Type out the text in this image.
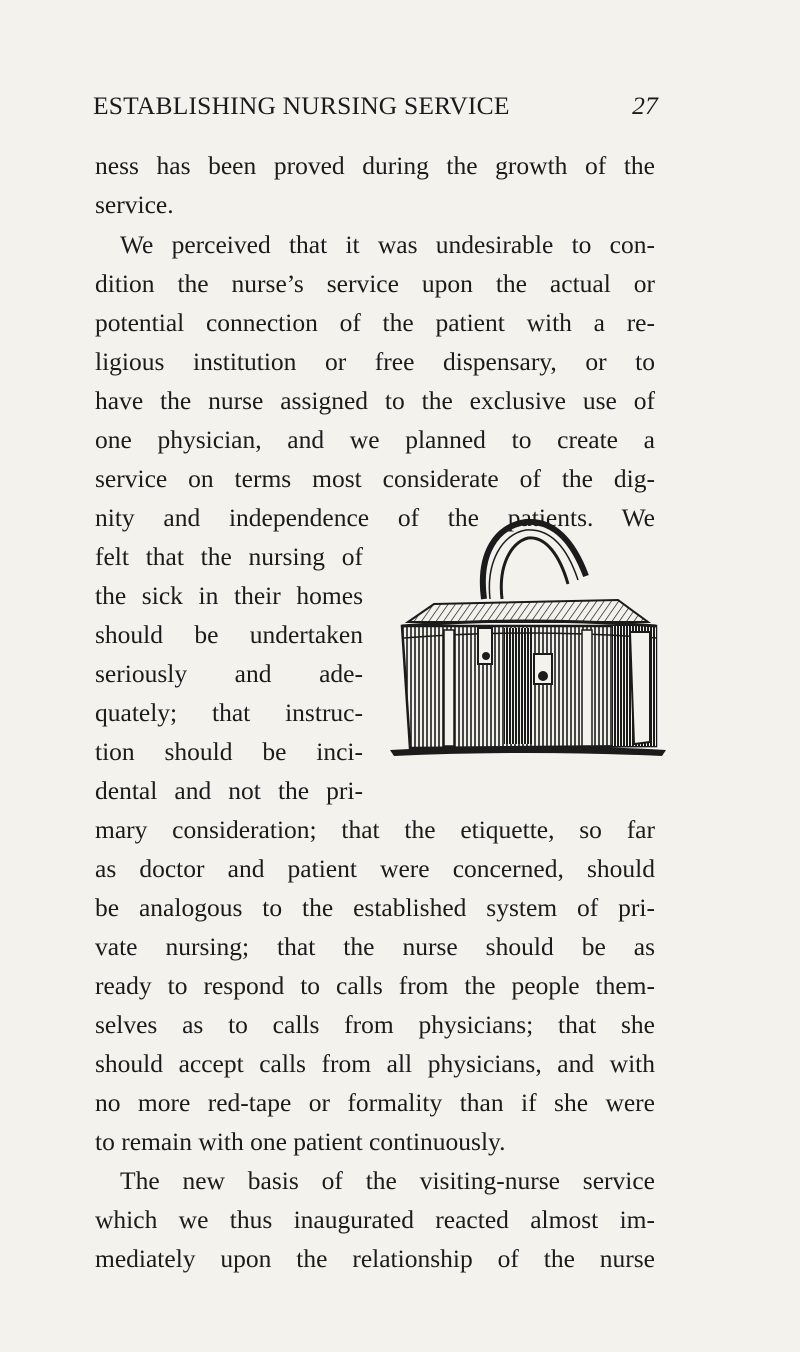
ESTABLISHING NURSING SERVICE	27
ness has been proved during the growth of the
service.
We perceived that it was undesirable to con-
dition the nurse’s service upon the actual or
potential connection of the patient with a re-
ligious institution or free dispensary, or to
have the nurse assigned to the exclusive use of
one physician, and we planned to create a
service on terms most considerate of the dig-
nity and independence of the patients. We
felt that the nursing of
the sick in their homes
should be undertaken
seriously and ade-
quately; that instruc-
tion should be inci-
dental and not the pri-
mary consideration; that the etiquette, so far
as doctor and patient were concerned, should
be analogous to the established system of pri-
vate nursing; that the nurse should be as
ready to respond to calls from the people them-
selves as to calls from physicians; that she
should accept calls from all physicians, and with
no more red-tape or formality than if she were
to remain with one patient continuously.
The new basis of the visiting-nurse service
which we thus inaugurated reacted almost im-
mediately upon the relationship of the nurse
